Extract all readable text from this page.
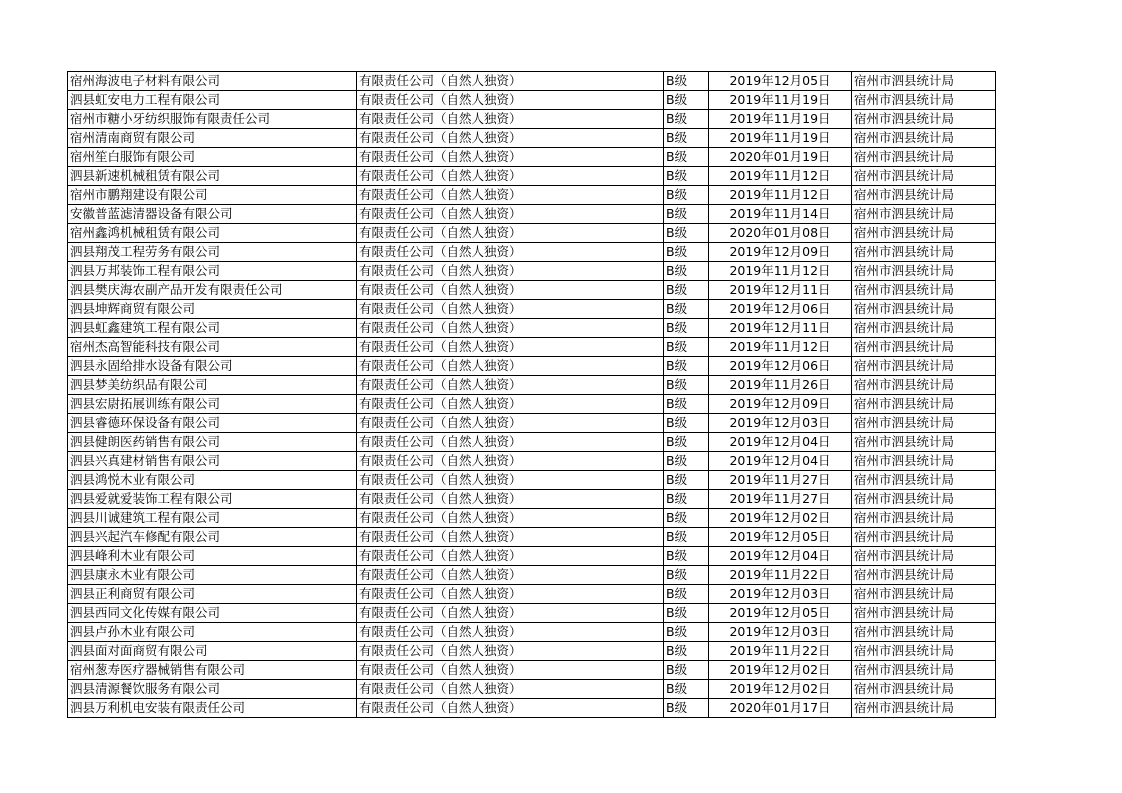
宿州海波电子材料有限公司	有限责任公司（自然人独资）	B级	2019年12月05日	宿州市泗县统计局
泗县虹安电力工程有限公司	有限责任公司（自然人独资）	B级	2019年11月19日	宿州市泗县统计局
宿州市糖小牙纺织服饰有限责任公司	有限责任公司（自然人独资）	B级	2019年11月19日	宿州市泗县统计局
宿州清南商贸有限公司	有限责任公司（自然人独资）	B级	2019年11月19日	宿州市泗县统计局
宿州笙白服饰有限公司	有限责任公司（自然人独资）	B级	2020年01月19日	宿州市泗县统计局
泗县新速机械租赁有限公司	有限责任公司（自然人独资）	B级	2019年11月12日	宿州市泗县统计局
宿州市鹏翔建设有限公司	有限责任公司（自然人独资）	B级	2019年11月12日	宿州市泗县统计局
安徽普蓝滤清器设备有限公司	有限责任公司（自然人独资）	B级	2019年11月14日	宿州市泗县统计局
宿州鑫鸿机械租赁有限公司	有限责任公司（自然人独资）	B级	2020年01月08日	宿州市泗县统计局
泗县翔茂工程劳务有限公司	有限责任公司（自然人独资）	B级	2019年12月09日	宿州市泗县统计局
泗县万邦装饰工程有限公司	有限责任公司（自然人独资）	B级	2019年11月12日	宿州市泗县统计局
泗县樊庆海农副产品开发有限责任公司	有限责任公司（自然人独资）	B级	2019年12月11日	宿州市泗县统计局
泗县坤辉商贸有限公司	有限责任公司（自然人独资）	B级	2019年12月06日	宿州市泗县统计局
泗县虹鑫建筑工程有限公司	有限责任公司（自然人独资）	B级	2019年12月11日	宿州市泗县统计局
宿州杰高智能科技有限公司	有限责任公司（自然人独资）	B级	2019年11月12日	宿州市泗县统计局
泗县永固给排水设备有限公司	有限责任公司（自然人独资）	B级	2019年12月06日	宿州市泗县统计局
泗县梦美纺织品有限公司	有限责任公司（自然人独资）	B级	2019年11月26日	宿州市泗县统计局
泗县宏尉拓展训练有限公司	有限责任公司（自然人独资）	B级	2019年12月09日	宿州市泗县统计局
泗县睿德环保设备有限公司	有限责任公司（自然人独资）	B级	2019年12月03日	宿州市泗县统计局
泗县健朗医药销售有限公司	有限责任公司（自然人独资）	B级	2019年12月04日	宿州市泗县统计局
泗县兴真建材销售有限公司	有限责任公司（自然人独资）	B级	2019年12月04日	宿州市泗县统计局
泗县鸿悦木业有限公司	有限责任公司（自然人独资）	B级	2019年11月27日	宿州市泗县统计局
泗县爱就爱装饰工程有限公司	有限责任公司（自然人独资）	B级	2019年11月27日	宿州市泗县统计局
泗县川诚建筑工程有限公司	有限责任公司（自然人独资）	B级	2019年12月02日	宿州市泗县统计局
泗县兴起汽车修配有限公司	有限责任公司（自然人独资）	B级	2019年12月05日	宿州市泗县统计局
泗县峰利木业有限公司	有限责任公司（自然人独资）	B级	2019年12月04日	宿州市泗县统计局
泗县康永木业有限公司	有限责任公司（自然人独资）	B级	2019年11月22日	宿州市泗县统计局
泗县正利商贸有限公司	有限责任公司（自然人独资）	B级	2019年12月03日	宿州市泗县统计局
泗县西同文化传媒有限公司	有限责任公司（自然人独资）	B级	2019年12月05日	宿州市泗县统计局
泗县卢孙木业有限公司	有限责任公司（自然人独资）	B级	2019年12月03日	宿州市泗县统计局
泗县面对面商贸有限公司	有限责任公司（自然人独资）	B级	2019年11月22日	宿州市泗县统计局
宿州葱寿医疗器械销售有限公司	有限责任公司（自然人独资）	B级	2019年12月02日	宿州市泗县统计局
泗县清源餐饮服务有限公司	有限责任公司（自然人独资）	B级	2019年12月02日	宿州市泗县统计局
泗县万利机电安装有限责任公司	有限责任公司（自然人独资）	B级	2020年01月17日	宿州市泗县统计局
